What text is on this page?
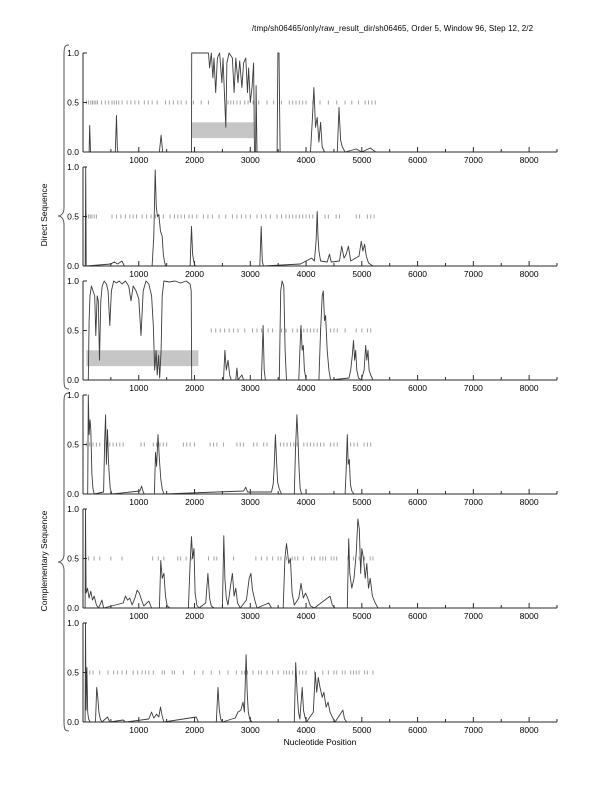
/tmp/sh06465/only/raw_result_dir/sh06465, Order 5, Window 96, Step 12, 2/2
Direct Sequence
Complementary Sequence
0.0
0.5
1.0
1000	2000	3000	4000	5000	6000	7000	8000
0.0
0.5
1.0
1000	2000	3000	4000	5000	6000	7000	8000
0.0
0.5
1.0
1000	2000	3000	4000	5000	6000	7000	8000
0.0
0.5
1.0
1000	2000	3000	4000	5000	6000	7000	8000
0.0
0.5
1.0
1000	2000	3000	4000	5000	6000	7000	8000
0.0
0.5
1.0
1000	2000	3000	4000	5000	6000	7000	8000
Nucleotide Position
